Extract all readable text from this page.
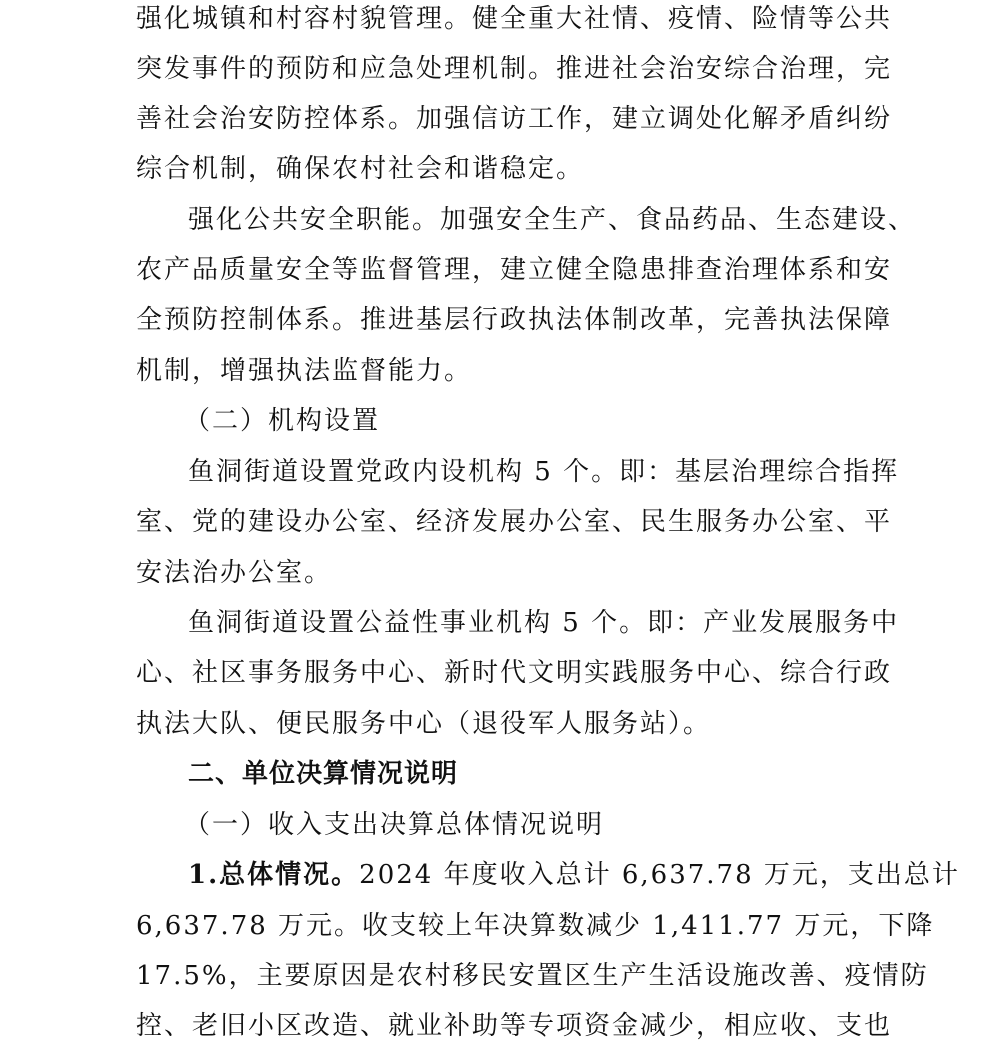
强化城镇和村容村貌管理。健全重大社情、疫情、险情等公共
突发事件的预防和应急处理机制。推进社会治安综合治理，完
善社会治安防控体系。加强信访工作，建立调处化解矛盾纠纷
综合机制，确保农村社会和谐稳定。
强化公共安全职能。加强安全生产、食品药品、生态建设、
农产品质量安全等监督管理，建立健全隐患排查治理体系和安
全预防控制体系。推进基层行政执法体制改革，完善执法保障
机制，增强执法监督能力。
（二）机构设置
鱼洞街道设置党政内设机构 5 个。即：基层治理综合指挥
室、党的建设办公室、经济发展办公室、民生服务办公室、平
安法治办公室。
鱼洞街道设置公益性事业机构 5 个。即：产业发展服务中
心、社区事务服务中心、新时代文明实践服务中心、综合行政
执法大队、便民服务中心（退役军人服务站）。
二、单位决算情况说明
（一）收入支出决算总体情况说明
1.总体情况。2024 年度收入总计 6,637.78 万元，支出总计
6,637.78 万元。收支较上年决算数减少 1,411.77 万元，下降
17.5%，主要原因是农村移民安置区生产生活设施改善、疫情防
控、老旧小区改造、就业补助等专项资金减少，相应收、支也
